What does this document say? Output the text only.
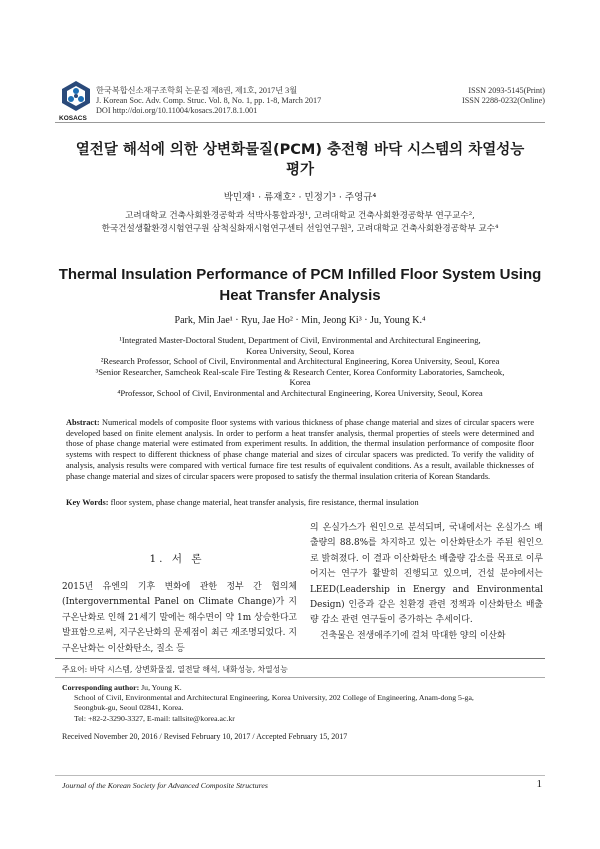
KOSACS
한국복합신소재구조학회 논문집 제8권, 제1호, 2017년 3월
J. Korean Soc. Adv. Comp. Struc. Vol. 8, No. 1, pp. 1-8, March 2017
DOI http://doi.org/10.11004/kosacs.2017.8.1.001
ISSN 2093-5145(Print)
ISSN 2288-0232(Online)
열전달 해석에 의한 상변화물질(PCM) 충전형 바닥 시스템의 차열성능
평가
박민재¹ · 류재호² · 민정기³ · 주영규⁴
고려대학교 건축사회환경공학과 석박사통합과정¹, 고려대학교 건축사회환경공학부 연구교수²,
한국건설생활환경시험연구원 삼척실화재시험연구센터 선임연구원³, 고려대학교 건축사회환경공학부 교수⁴
Thermal Insulation Performance of PCM Infilled Floor System Using
Heat Transfer Analysis
Park, Min Jae¹ · Ryu, Jae Ho² · Min, Jeong Ki³ · Ju, Young K.⁴
¹Integrated Master-Doctoral Student, Department of Civil, Environmental and Architectural Engineering,
Korea University, Seoul, Korea
²Research Professor, School of Civil, Environmental and Architectural Engineering, Korea University, Seoul, Korea
³Senior Researcher, Samcheok Real-scale Fire Testing & Research Center, Korea Conformity Laboratories, Samcheok,
Korea
⁴Professor, School of Civil, Environmental and Architectural Engineering, Korea University, Seoul, Korea
Abstract: Numerical models of composite floor systems with various thickness of phase change material and sizes of circular spacers were developed based on finite element analysis. In order to perform a heat transfer analysis, thermal properties of steels were determined and those of phase change material were estimated from experiment results. In addition, the thermal insulation performance of composite floor systems with respect to different thickness of phase change material and sizes of circular spacers was predicted. To verify the validity of analysis, analysis results were compared with vertical furnace fire test results of equivalent conditions. As a result, available thicknesses of phase change material and sizes of circular spacers were proposed to satisfy the thermal insulation criteria of Korean Standards.
Key Words: floor system, phase change material, heat transfer analysis, fire resistance, thermal insulation
1. 서 론
2015년 유엔의 기후 변화에 관한 정부 간 협의체(Intergovernmental Panel on Climate Change)가 지구온난화로 인해 21세기 말에는 해수면이 약 1m 상승한다고 발표함으로써, 지구온난화의 문제점이 최근 재조명되었다. 지구온난화는 이산화탄소, 질소 등

의 온실가스가 원인으로 분석되며, 국내에서는 온실가스 배출량의 88.8%를 차지하고 있는 이산화탄소가 주된 원인으로 밝혀졌다. 이 결과 이산화탄소 배출량 감소를 목표로 이루어지는 연구가 활발히 진행되고 있으며, 건설 분야에서는 LEED(Leadership in Energy and Environmental Design) 인증과 같은 친환경 관련 정책과 이산화탄소 배출량 감소 관련 연구들이 증가하는 추세이다.

건축물은 전생애주기에 걸쳐 막대한 양의 이산화

주요어: 바닥 시스템, 상변화물질, 열전달 해석, 내화성능, 차열성능
Corresponding author: Ju, Young K.
School of Civil, Environmental and Architectural Engineering, Korea University, 202 College of Engineering, Anam-dong 5-ga,
Seongbuk-gu, Seoul 02841, Korea.
Tel: +82-2-3290-3327, E-mail: tallsite@korea.ac.kr
Received November 20, 2016 / Revised February 10, 2017 / Accepted February 15, 2017
Journal of the Korean Society for Advanced Composite Structures	1
